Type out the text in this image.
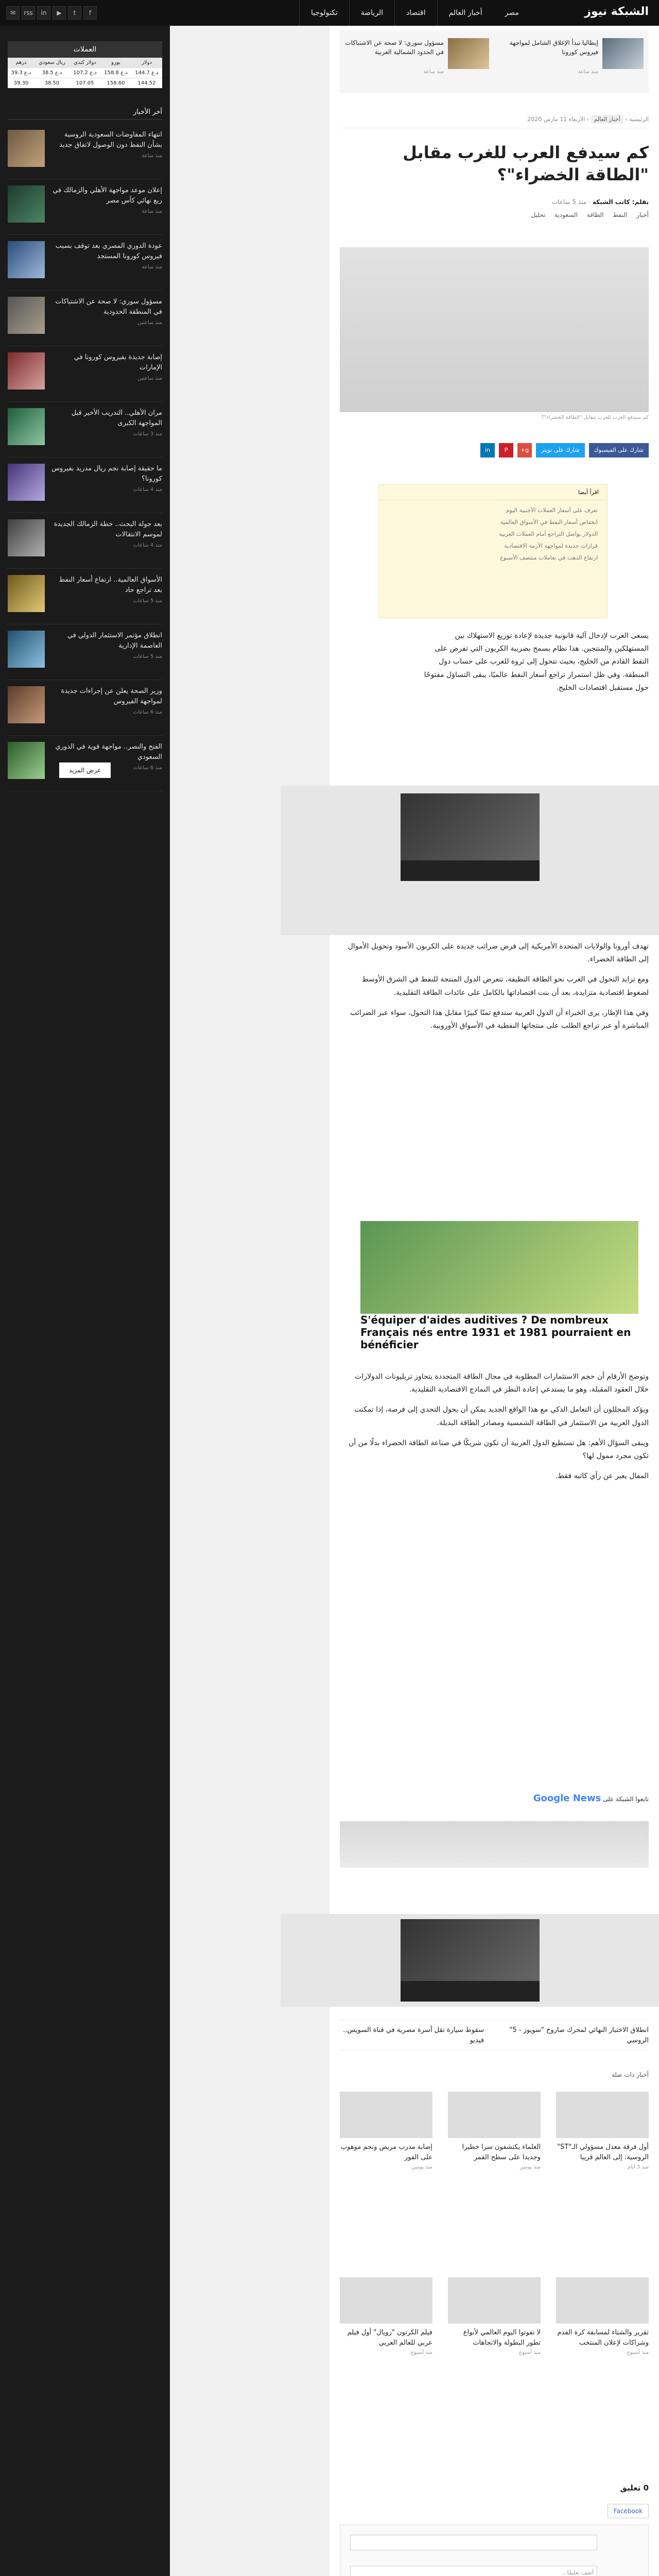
الشبكة نيوز
مصر
أخبار العالم
اقتصاد
الرياضة
تكنولوجيا
f
t
▶
in
rss
✉
العملات
دولار	يورو	دولار كندي	ريال سعودي	درهم
د.ع 144.7	د.ع 158.8	د.ع 107.2	د.ع 38.5	د.ع 39.3
144.52	158.60	107.05	38.50	39.30
آخر الأخبار
انتهاء المفاوضات السعودية الروسية بشأن النفط دون الوصول لاتفاق جديد
منذ ساعة
إعلان موعد مواجهة الأهلي والزمالك في ربع نهائي كأس مصر
منذ ساعة
عودة الدوري المصري بعد توقف بسبب فيروس كورونا المستجد
منذ ساعة
مسؤول سوري: لا صحة عن الاشتباكات في المنطقة الحدودية
منذ ساعتين
إصابة جديدة بفيروس كورونا في الإمارات
منذ ساعتين
مران الأهلي.. التدريب الأخير قبل المواجهة الكبرى
منذ 3 ساعات
ما حقيقة إصابة نجم ريال مدريد بفيروس كورونا؟
منذ 4 ساعات
بعد جولة البحث.. خطة الزمالك الجديدة لموسم الانتقالات
منذ 4 ساعات
الأسواق العالمية.. ارتفاع أسعار النفط بعد تراجع حاد
منذ 5 ساعات
انطلاق مؤتمر الاستثمار الدولي في العاصمة الإدارية
منذ 5 ساعات
وزير الصحة يعلن عن إجراءات جديدة لمواجهة الفيروس
منذ 6 ساعات
الفتح والنصر.. مواجهة قوية في الدوري السعودي
منذ 6 ساعات
عرض المزيد
إيطاليا تبدأ الإغلاق الشامل لمواجهة فيروس كورونا
منذ ساعة
مسؤول سوري: لا صحة عن الاشتباكات في الحدود الشمالية الغربية
منذ ساعة
الرئيسية › أخبار العالم › الأربعاء 11 مارس 2020
كم سيدفع العرب للغرب مقابل "الطاقة الخضراء"؟
بقلم: كاتب الشبكة · منذ 5 ساعات
أخبار النفط الطاقة السعودية تحليل
كم سيدفع العرب للغرب مقابل "الطاقة الخضراء"؟
شارك على الفيسبوك
شارك على تويتر
g+
P
in
اقرأ أيضا
تعرف على أسعار العملات الأجنبية اليوم
انخفاض أسعار النفط في الأسواق العالمية
الدولار يواصل التراجع أمام العملات العربية
قرارات جديدة لمواجهة الأزمة الاقتصادية
ارتفاع الذهب في تعاملات منتصف الأسبوع
يسعى الغرب لإدخال آلية قانونية جديدة لإعادة توزيع الاستهلاك بين المستهلكين والمنتجين. هذا نظام يسمح بضريبة الكربون التي تفرض على النفط القادم من الخليج، بحيث تتحول إلى ثروة للغرب على حساب دول المنطقة. وفي ظل استمرار تراجع أسعار النفط عالميًا، يبقى التساؤل مفتوحًا حول مستقبل اقتصادات الخليج.

تهدف أوروبا والولايات المتحدة الأمريكية إلى فرض ضرائب جديدة على الكربون الأسود وتحويل الأموال إلى الطاقة الخضراء.

ومع تزايد التحول في الغرب نحو الطاقة النظيفة، تتعرض الدول المنتجة للنفط في الشرق الأوسط لضغوط اقتصادية متزايدة، بعد أن بنت اقتصاداتها بالكامل على عائدات الطاقة التقليدية.

وفي هذا الإطار، يرى الخبراء أن الدول العربية ستدفع ثمنًا كبيرًا مقابل هذا التحول، سواء عبر الضرائب المباشرة أو عبر تراجع الطلب على منتجاتها النفطية في الأسواق الأوروبية.

S'équiper d'aides auditives ? De nombreux Français nés entre 1931 et 1981 pourraient en bénéficier

وتوضح الأرقام أن حجم الاستثمارات المطلوبة في مجال الطاقة المتجددة يتجاوز تريليونات الدولارات خلال العقود المقبلة، وهو ما يستدعي إعادة النظر في النماذج الاقتصادية التقليدية.

ويؤكد المحللون أن التعامل الذكي مع هذا الواقع الجديد يمكن أن يحول التحدي إلى فرصة، إذا تمكنت الدول العربية من الاستثمار في الطاقة الشمسية ومصادر الطاقة البديلة.

ويبقى السؤال الأهم: هل تستطيع الدول العربية أن تكون شريكًا في صناعة الطاقة الخضراء بدلًا من أن تكون مجرد ممول لها؟

المقال يعبر عن رأي كاتبه فقط.

تابعوا الشبكة على Google News
انطلاق الاختبار النهائي لمحرك صاروخ "سويوز - 5" الروسي
سقوط سيارة تقل أسرة مصرية في قناة السويس.. فيديو
أخبار ذات صلة
أول فرقة معدل مسؤولي الـ"ST" الروسية: إلى العالم قريبا
منذ 3 أيام
العلماء يكتشفون سرا خطيرا وجديدا على سطح القمر
منذ يومين
إصابة مدرب مريض ونجم موهوب على الفور
منذ يومين
تقرير والشتاء لمسابقة كرة القدم وشراكات لإعلان المنتخب
منذ أسبوع
لا تفوتوا اليوم العالمي لأنواع تطور البطولة والاتجاهات
منذ أسبوع
فيلم الكرتون "رويال" أول فيلم عربي للعالم العربي
منذ أسبوع
0 تعليق
Facebook
أضف تعليقًا...
